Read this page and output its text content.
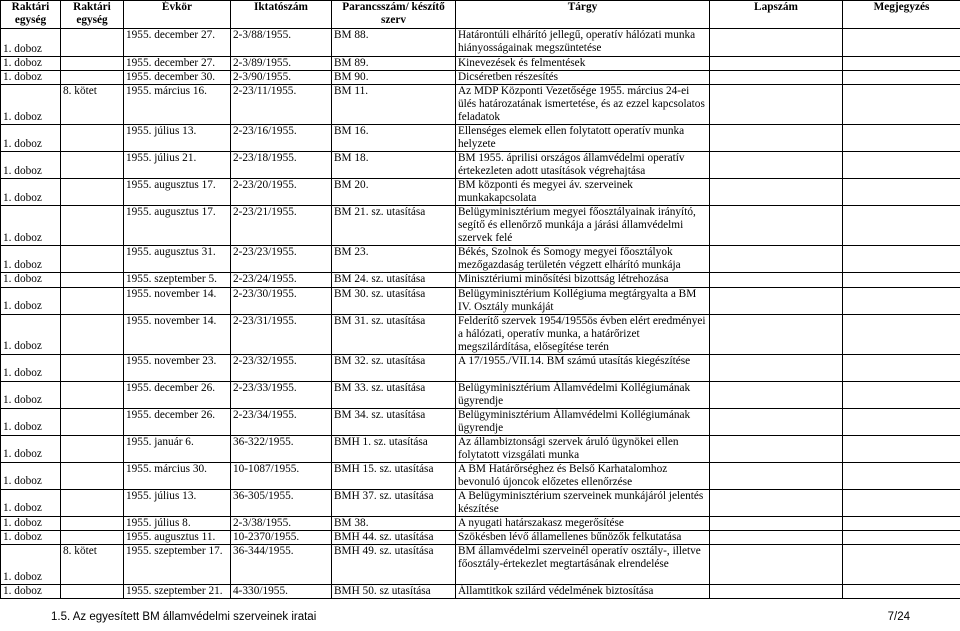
Raktári egység	Raktári egység	Évkör	Iktatószám	Parancsszám/ készítő szerv	Tárgy	Lapszám	Megjegyzés
1. doboz		1955. december 27.	2-3/88/1955.	BM 88.	Határontúli elhárító jellegű, operatív hálózati munka hiányosságainak megszüntetése		
1. doboz		1955. december 27.	2-3/89/1955.	BM 89.	Kinevezések és felmentések		
1. doboz		1955. december 30.	2-3/90/1955.	BM 90.	Dicséretben részesítés		
1. doboz	8. kötet	1955. március 16.	2-23/11/1955.	BM 11.	Az MDP Központi Vezetősége 1955. március 24-ei ülés határozatának ismertetése, és az ezzel kapcsolatos feladatok		
1. doboz		1955. július 13.	2-23/16/1955.	BM 16.	Ellenséges elemek ellen folytatott operatív munka helyzete		
1. doboz		1955. július 21.	2-23/18/1955.	BM 18.	BM 1955. áprilisi országos államvédelmi operatív értekezleten adott utasítások végrehajtása		
1. doboz		1955. augusztus 17.	2-23/20/1955.	BM 20.	BM központi és megyei áv. szerveinek munkakapcsolata		
1. doboz		1955. augusztus 17.	2-23/21/1955.	BM 21. sz. utasítása	Belügyminisztérium megyei főosztályainak irányító, segítő és ellenőrző munkája a járási államvédelmi szervek felé		
1. doboz		1955. augusztus 31.	2-23/23/1955.	BM 23.	Békés, Szolnok és Somogy megyei főosztályok mezőgazdaság területén végzett elhárító munkája		
1. doboz		1955. szeptember 5.	2-23/24/1955.	BM 24. sz. utasítása	Minisztériumi minősítési bizottság létrehozása		
1. doboz		1955. november 14.	2-23/30/1955.	BM 30. sz. utasítása	Belügyminisztérium Kollégiuma megtárgyalta a BM IV. Osztály munkáját		
1. doboz		1955. november 14.	2-23/31/1955.	BM 31. sz. utasítása	Felderítő szervek 1954/1955ös évben elért eredményei a hálózati, operatív munka, a határőrizet megszilárdítása, elősegítése terén		
1. doboz		1955. november 23.	2-23/32/1955.	BM 32. sz. utasítása	A 17/1955./VII.14. BM számú utasítás kiegészítése		
1. doboz		1955. december 26.	2-23/33/1955.	BM 33. sz. utasítása	Belügyminisztérium Államvédelmi Kollégiumának ügyrendje		
1. doboz		1955. december 26.	2-23/34/1955.	BM 34. sz. utasítása	Belügyminisztérium Államvédelmi Kollégiumának ügyrendje		
1. doboz		1955. január 6.	36-322/1955.	BMH 1. sz. utasítása	Az állambiztonsági szervek áruló ügynökei ellen folytatott vizsgálati munka		
1. doboz		1955. március 30.	10-1087/1955.	BMH 15. sz. utasítása	A BM Határőrséghez és Belső Karhatalomhoz bevonuló újoncok előzetes ellenőrzése		
1. doboz		1955. július 13.	36-305/1955.	BMH 37. sz. utasítása	A Belügyminisztérium szerveinek munkájáról jelentés készítése		
1. doboz		1955. július 8.	2-3/38/1955.	BM 38.	A nyugati határszakasz megerősítése		
1. doboz		1955. augusztus 11.	10-2370/1955.	BMH 44. sz. utasítása	Szökésben lévő államellenes bűnözők felkutatása		
1. doboz	8. kötet	1955. szeptember 17.	36-344/1955.	BMH 49. sz. utasítása	BM államvédelmi szerveinél operatív osztály-, illetve főosztály-értekezlet megtartásának elrendelése		
1. doboz		1955. szeptember 21.	4-330/1955.	BMH 50. sz utasítása	Államtitkok szilárd védelmének biztosítása		
1.5. Az egyesített BM államvédelmi szerveinek iratai	7/24
